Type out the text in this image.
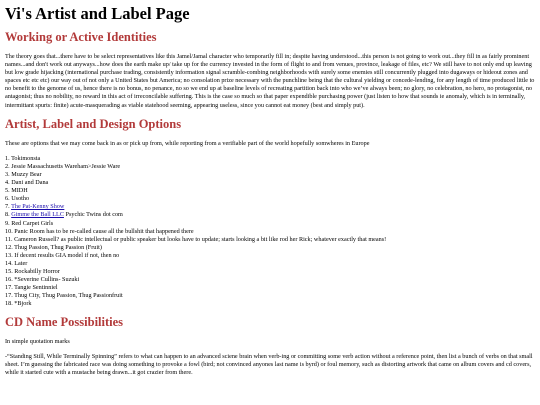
Vi's Artist and Label Page
Working or Active Identities

The theory goes that...there have to be select representatives like this Jamel/Jamal character who temporarily fill in; despite having understood...this person is not going to work out...they fill in as fairly prominent names...and don't work out anyways...how does the earth make up/ take up for the currency invested in the form of flight to and from venues, province, leakage of files, etc? We still have to not only end up leaving but low grade hijacking (international purchase trading, consistently information signal scramble-combing neighborhoods with surely some enemies still concurrently plugged into dugaways or hideout zones and spaces etc etc etc) our way out of not only a United States but America; no consolation prize necessary with the punchline being that the cultural yielding or concede-lending, for any length of time produced little to no benefit to the genome of us, hence there is no bonus, no penance, no so we end up at baseline levels of recreating partition back into who we’ve always been; no glory, no celebration, no hero, no protagonist, no antagonist; thus no nobility, no reward in this act of irreconcilable suffering. This is the case so much so that paper expendible purchasing power (just listen to how that sounds ie anomaly, which is in terminally, intermittant spurts: finite) acute-masquerading as viable statehood seeming, appearing useless, since you cannot eat money (best and simply put).

Artist, Label and Design Options

These are options that we may come back in as or pick up from, while reporting from a verifiable part of the world hopefully somwheres in Europe

1. Tokimonsta
2. Jessie Massachusetts Wareham>Jessie Ware
3. Muzzy Bear
4. Dani and Dana
5. MIDH
6. Usotho
7. The Pat-Kenny Show
8. Gimme the Ball LLC Psychic Twins dot com
9. Red Carpet Girls
10. Panic Room has to be re-called cause all the bullshit that happened there
11. Cameron Russell? as public intellectual or public speaker but looks have to update; starts looking a bit like rod her Rick; whatever exactly that means!
12. Thug Passion, Thug Passion (Fruit)
13. If decent results GIA model if not, then no
14. Later
15. Rockabilly Horror
16. *Severine Cullins- Suzuki
17. Tangie Sentinniel
17. Thug City, Thug Passion, Thug Passionfruit
18. *Bjork
CD Name Possibilities

In simple quotation marks

-“Standing Still, While Terminally Spinning” refers to what can happen to an advanced sciene brain when verb-ing or committing some verb action without a reference point, then list a bunch of verbs on that small sheet. I’m guessing the fabricated race was doing something to provoke a fowl (bird; not convinced anyones last name is byrd) or foul memory, such as distorting artwork that came on album covers and cd covers, while it started cute with a mustache being drawn...it got crazier from there.
